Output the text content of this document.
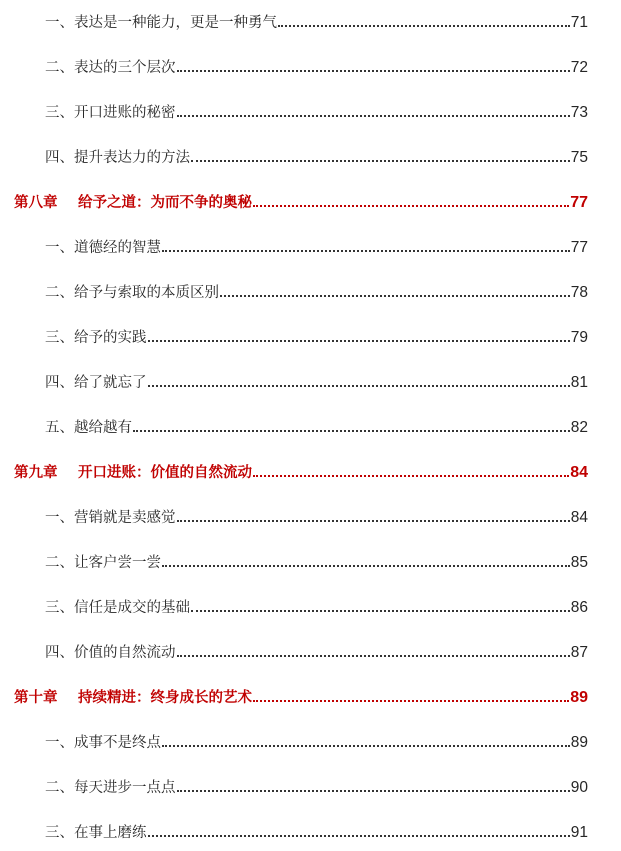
一、表达是一种能力，更是一种勇气	71
二、表达的三个层次	72
三、开口进账的秘密	73
四、提升表达力的方法	75
第八章 给予之道：为而不争的奥秘	77
一、道德经的智慧	77
二、给予与索取的本质区别	78
三、给予的实践	79
四、给了就忘了	81
五、越给越有	82
第九章 开口进账：价值的自然流动	84
一、营销就是卖感觉	84
二、让客户尝一尝	85
三、信任是成交的基础	86
四、价值的自然流动	87
第十章 持续精进：终身成长的艺术	89
一、成事不是终点	89
二、每天进步一点点	90
三、在事上磨练	91
